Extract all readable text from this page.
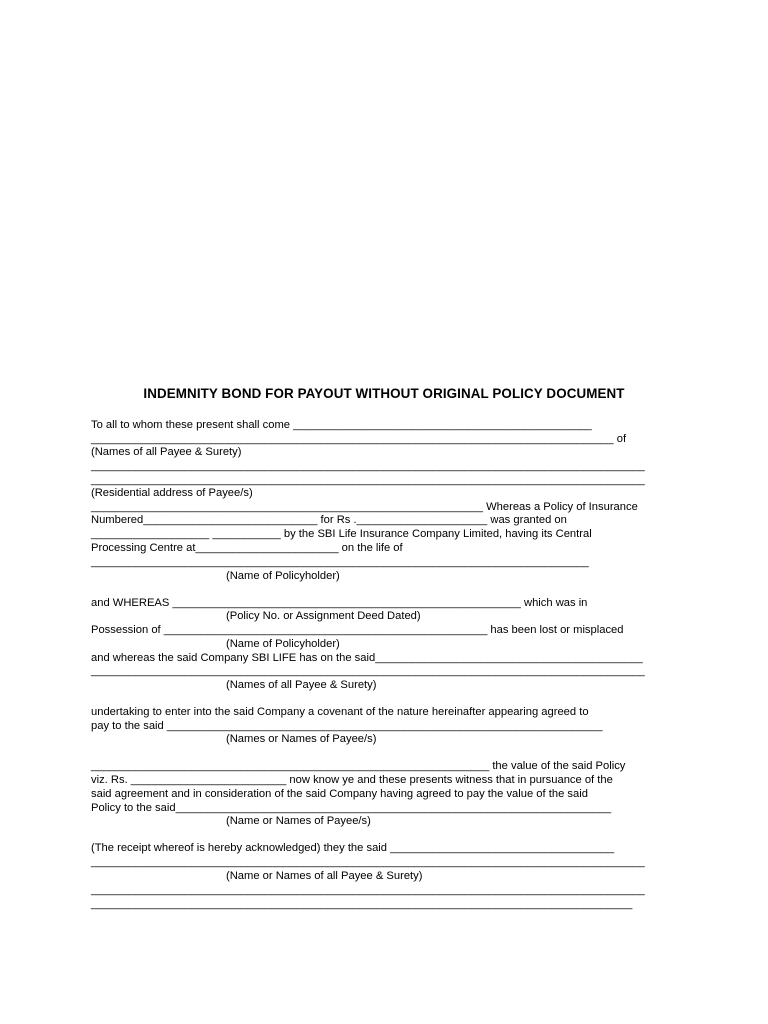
INDEMNITY BOND FOR PAYOUT WITHOUT ORIGINAL POLICY DOCUMENT
To all to whom these present shall come ________________________________________________
____________________________________________________________________________________ of
(Names of all Payee & Surety)
_________________________________________________________________________________________
_________________________________________________________________________________________
(Residential address of Payee/s)
_______________________________________________________________ Whereas a Policy of Insurance
Numbered____________________________ for Rs ._____________________ was granted on
___________________ ___________ by the SBI Life Insurance Company Limited, having its Central
Processing Centre at_______________________ on the life of
________________________________________________________________________________
(Name of Policyholder)
and WHEREAS ________________________________________________________ which was in
(Policy No. or Assignment Deed Dated)
Possession of ____________________________________________________ has been lost or misplaced
(Name of Policyholder)
and whereas the said Company SBI LIFE has on the said___________________________________________
_________________________________________________________________________________________
(Names of all Payee & Surety)
undertaking to enter into the said Company a covenant of the nature hereinafter appearing agreed to
pay to the said ______________________________________________________________________
(Names or Names of Payee/s)
________________________________________________________________ the value of the said Policy
viz. Rs. _________________________ now know ye and these presents witness that in pursuance of the
said agreement and in consideration of the said Company having agreed to pay the value of the said
Policy to the said______________________________________________________________________
(Name or Names of Payee/s)
(The receipt whereof is hereby acknowledged) they the said ____________________________________
_________________________________________________________________________________________
(Name or Names of all Payee & Surety)
_________________________________________________________________________________________
_______________________________________________________________________________________
